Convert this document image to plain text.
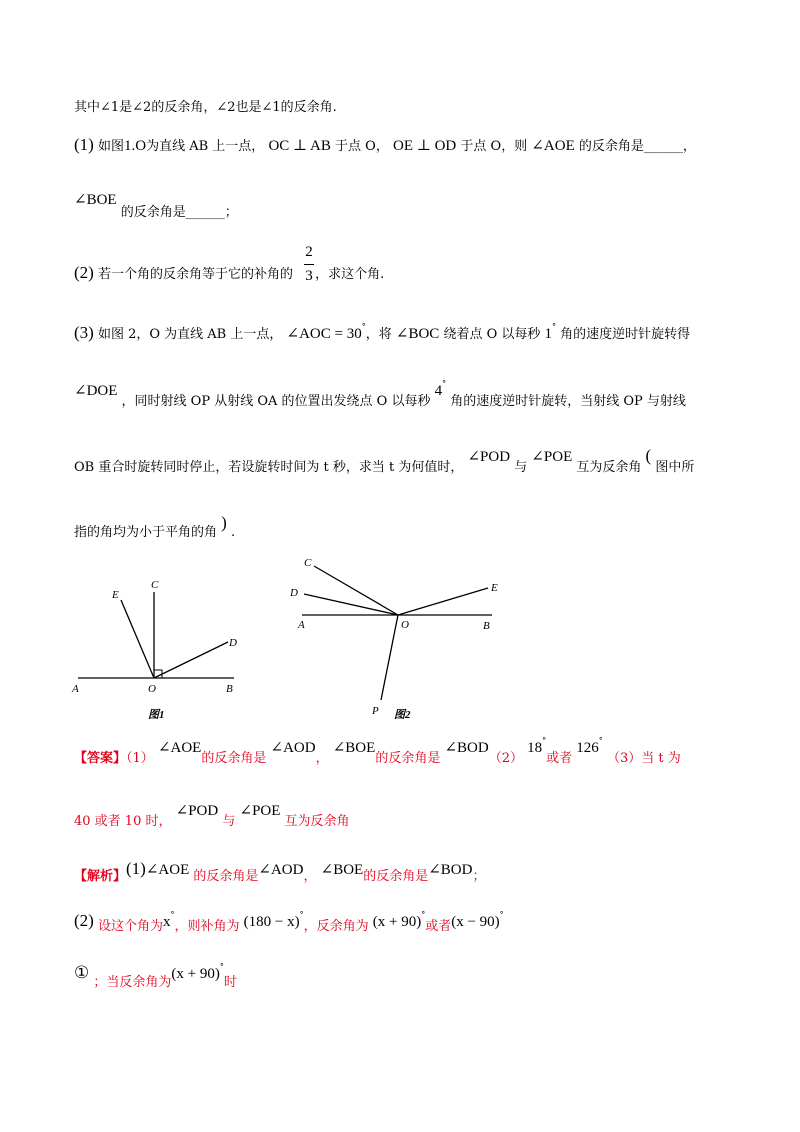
其中∠1是∠2的反余角，∠2也是∠1的反余角.
(1) 如图1.O为直线 AB 上一点， OC ⊥ AB 于点 O， OE ⊥ OD 于点 O，则 ∠AOE 的反余角是______，
∠BOE 的反余角是______；
(2) 若一个角的反余角等于它的补角的 ，求这个角.
2
3
(3) 如图 2，O 为直线 AB 上一点， ∠AOC = 30°，将 ∠BOC 绕着点 O 以每秒 1° 角的速度逆时针旋转得
∠DOE ，同时射线 OP 从射线 OA 的位置出发绕点 O 以每秒 4° 角的速度逆时针旋转，当射线 OP 与射线
OB 重合时旋转同时停止，若设旋转时间为 t 秒，求当 t 为何值时， ∠POD 与 ∠POE 互为反余角 ( 图中所
指的角均为小于平角的角 ) .
E
C
D
A	O	B
图1
C
D	E
A	O	B
P 图2
【答案】（1） ∠AOE的反余角是 ∠AOD， ∠BOE的反余角是 ∠BOD（2） 18°或者 126° （3）当 t 为
40 或者 10 时， ∠POD 与 ∠POE 互为反余角
【解析】(1)∠AOE 的反余角是∠AOD， ∠BOE的反余角是∠BOD；
(2) 设这个角为x°，则补角为 (180 − x)°，反余角为 (x + 90)°或者(x − 90)°
① ；当反余角为(x + 90)°时
